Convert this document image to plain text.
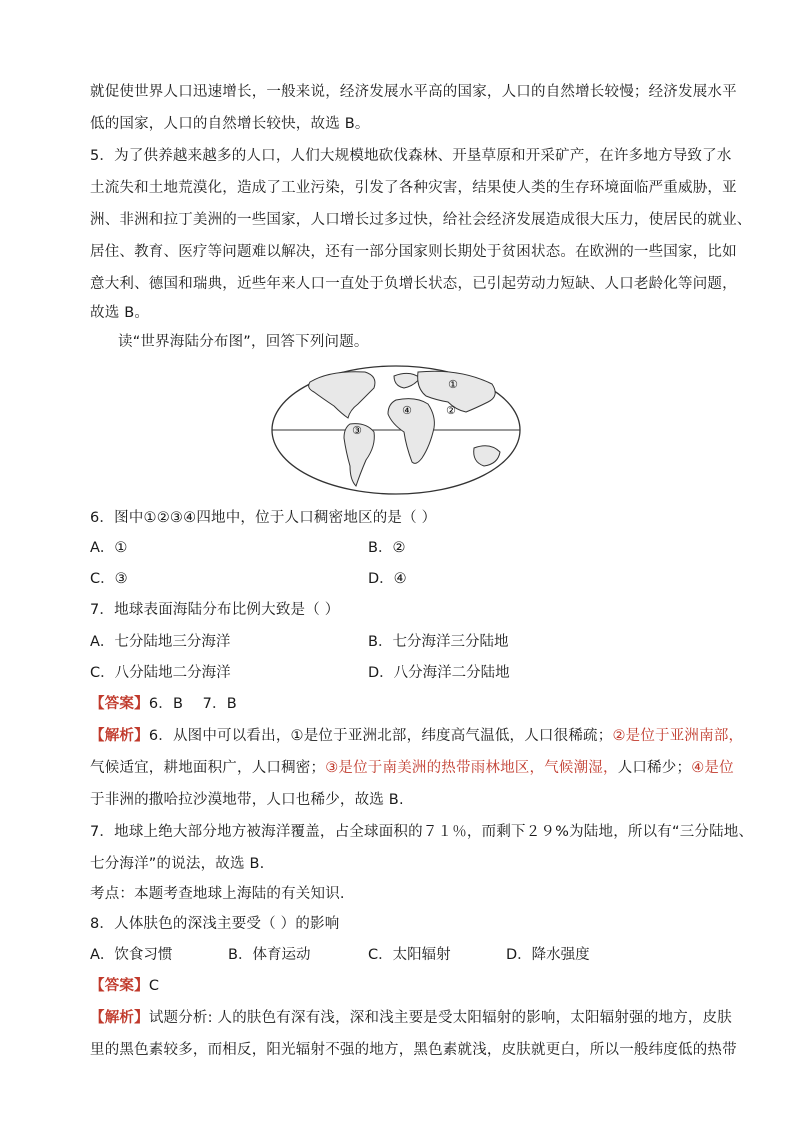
就促使世界人口迅速增长，一般来说，经济发展水平高的国家，人口的自然增长较慢；经济发展水平
低的国家，人口的自然增长较快，故选 B。
5．为了供养越来越多的人口，人们大规模地砍伐森林、开垦草原和开采矿产，在许多地方导致了水
土流失和土地荒漠化，造成了工业污染，引发了各种灾害，结果使人类的生存环境面临严重威胁，亚
洲、非洲和拉丁美洲的一些国家，人口增长过多过快，给社会经济发展造成很大压力，使居民的就业、
居住、教育、医疗等问题难以解决，还有一部分国家则长期处于贫困状态。在欧洲的一些国家，比如
意大利、德国和瑞典，近些年来人口一直处于负增长状态，已引起劳动力短缺、人口老龄化等问题，
故选 B。
读“世界海陆分布图”，回答下列问题。
①
②
③
④
6．图中①②③④四地中，位于人口稠密地区的是（ ）
A．①	B．②
C．③	D．④
7．地球表面海陆分布比例大致是（ ）
A．七分陆地三分海洋	B．七分海洋三分陆地
C．八分陆地二分海洋	D．八分海洋二分陆地
【答案】6．B　 7．B
【解析】6．从图中可以看出，①是位于亚洲北部，纬度高气温低，人口很稀疏；②是位于亚洲南部，
气候适宜，耕地面积广，人口稠密；③是位于南美洲的热带雨林地区，气候潮湿，人口稀少；④是位
于非洲的撒哈拉沙漠地带，人口也稀少，故选 B.
7．地球上绝大部分地方被海洋覆盖，占全球面积的７１％，而剩下２９%为陆地，所以有“三分陆地、
七分海洋”的说法，故选 B.
考点：本题考查地球上海陆的有关知识.
8．人体肤色的深浅主要受（ ）的影响
A．饮食习惯	B．体育运动	C．太阳辐射	D．降水强度
【答案】C
【解析】试题分析: 人的肤色有深有浅，深和浅主要是受太阳辐射的影响，太阳辐射强的地方，皮肤
里的黑色素较多，而相反，阳光辐射不强的地方，黑色素就浅，皮肤就更白，所以一般纬度低的热带
